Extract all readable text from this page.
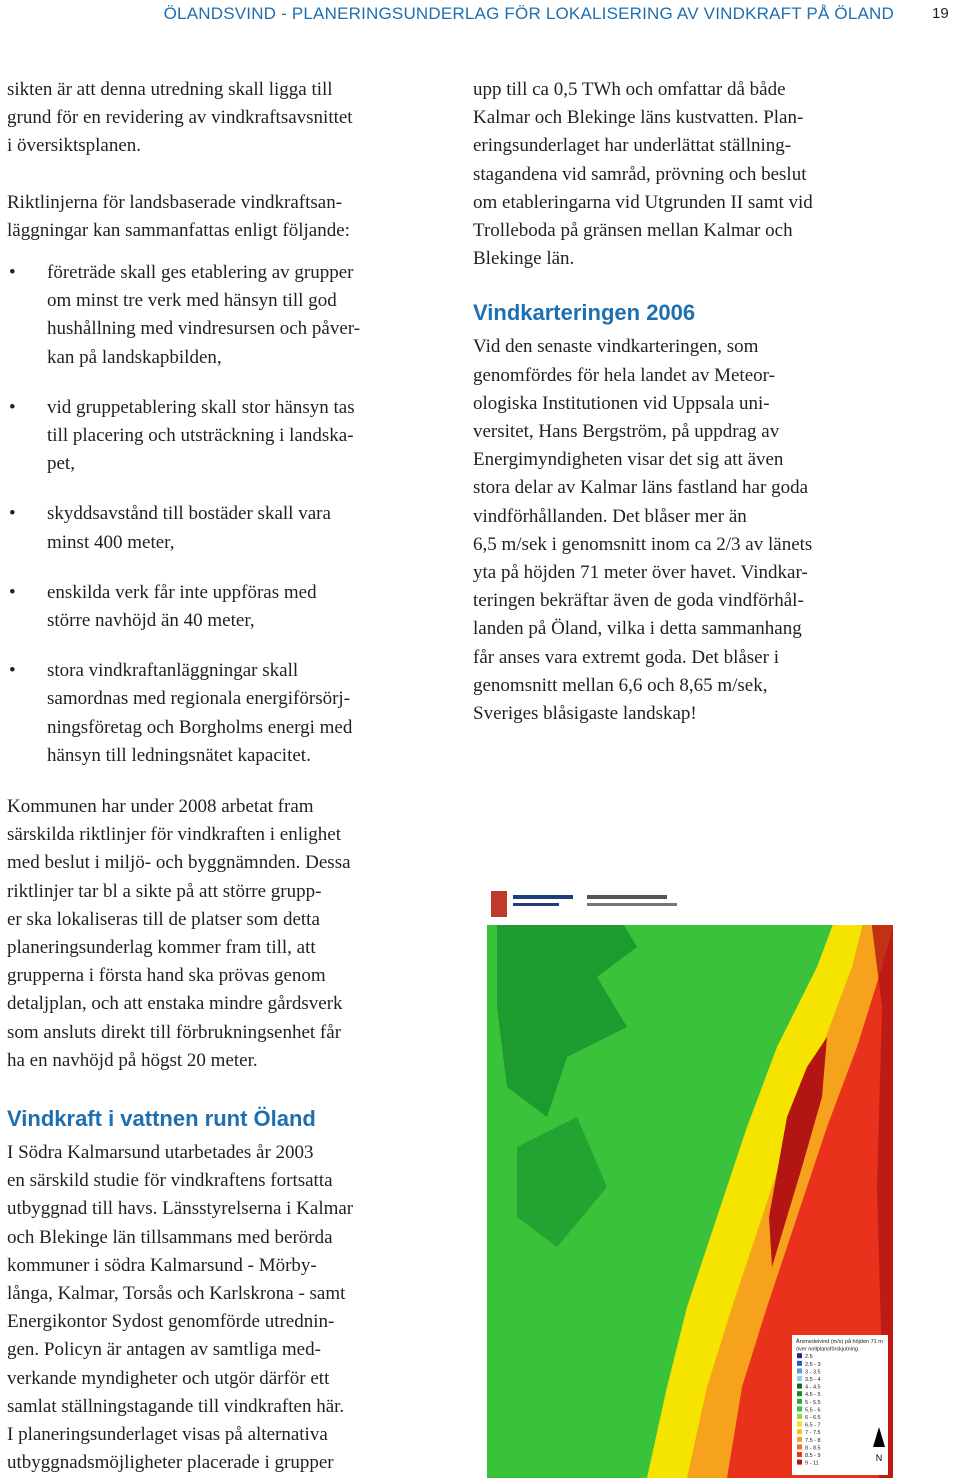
ÖLANDSVIND - PLANERINGSUNDERLAG FÖR LOKALISERING AV VINDKRAFT PÅ ÖLAND	19

sikten är att denna utredning skall ligga till
grund för en revidering av vindkraftsavsnittet
i översiktsplanen.

Riktlinjerna för landsbaserade vindkraftsan-
läggningar kan sammanfattas enligt följande:

• företräde skall ges etablering av grupper
om minst tre verk med hänsyn till god
hushållning med vindresursen och påver-
kan på landskapbilden,
• vid gruppetablering skall stor hänsyn tas
till placering och utsträckning i landska-
pet,
• skyddsavstånd till bostäder skall vara
minst 400 meter,
• enskilda verk får inte uppföras med
större navhöjd än 40 meter,
• stora vindkraftanläggningar skall
samordnas med regionala energiförsörj-
ningsföretag och Borgholms energi med
hänsyn till ledningsnätet kapacitet.

Kommunen har under 2008 arbetat fram
särskilda riktlinjer för vindkraften i enlighet
med beslut i miljö- och byggnämnden. Dessa
riktlinjer tar bl a sikte på att större grupp-
er ska lokaliseras till de platser som detta
planeringsunderlag kommer fram till, att
grupperna i första hand ska prövas genom
detaljplan, och att enstaka mindre gårdsverk
som ansluts direkt till förbrukningsenhet får
ha en navhöjd på högst 20 meter.

Vindkraft i vattnen runt Öland

I Södra Kalmarsund utarbetades år 2003
en särskild studie för vindkraftens fortsatta
utbyggnad till havs. Länsstyrelserna i Kalmar
och Blekinge län tillsammans med berörda
kommuner i södra Kalmarsund - Mörby-
långa, Kalmar, Torsås och Karlskrona - samt
Energikontor Sydost genomförde utrednin-
gen. Policyn är antagen av samtliga med-
verkande myndigheter och utgör därför ett
samlat ställningstagande till vindkraften här.
I planeringsunderlaget visas på alternativa
utbyggnadsmöjligheter placerade i grupper

upp till ca 0,5 TWh och omfattar då både
Kalmar och Blekinge läns kustvatten. Plan-
eringsunderlaget har underlättat ställning-
stagandena vid samråd, prövning och beslut
om etableringarna vid Utgrunden II samt vid
Trolleboda på gränsen mellan Kalmar och
Blekinge län.

Vindkarteringen 2006

Vid den senaste vindkarteringen, som
genomfördes för hela landet av Meteor-
ologiska Institutionen vid Uppsala uni-
versitet, Hans Bergström, på uppdrag av
Energimyndigheten visar det sig att även
stora delar av Kalmar läns fastland har goda
vindförhållanden. Det blåser mer än
6,5 m/sek i genomsnitt inom ca 2/3 av länets
yta på höjden 71 meter över havet. Vindkar-
teringen bekräftar även de goda vindförhål-
landen på Öland, vilka i detta sammanhang
får anses vara extremt goda. Det blåser i
genomsnitt mellan 6,6 och 8,65 m/sek,
Sveriges blåsigaste landskap!

Årsmedelvind (m/s) på höjden 71 m
över nollplansförskjutning
2.5
2.5 - 3
3 - 3.5
3.5 - 4
4 - 4.5
4.5 - 5
5 - 5.5
5.5 - 6
6 - 6.5
6.5 - 7
7 - 7.5
7.5 - 8
8 - 8.5
8.5 - 9
9 - 11
N
